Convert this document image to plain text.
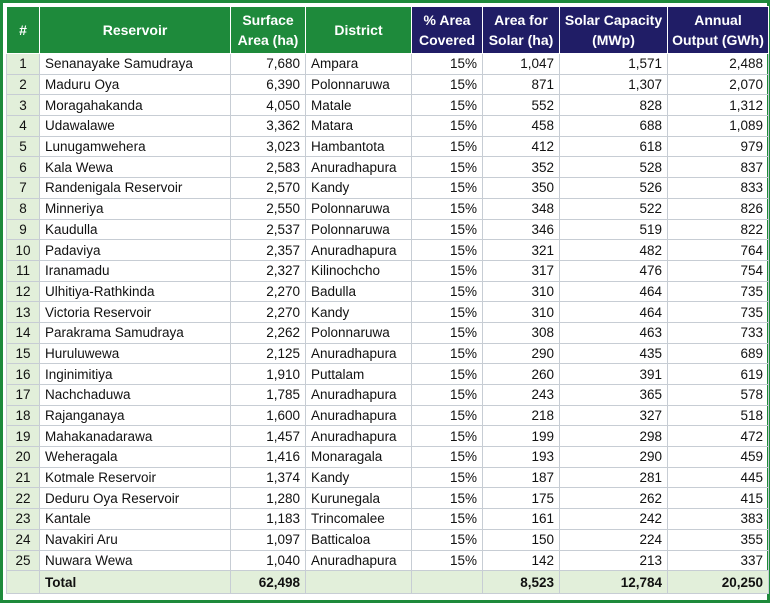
#	Reservoir	Surface Area (ha)	District	% Area Covered	Area for Solar (ha)	Solar Capacity (MWp)	Annual Output (GWh)
1	Senanayake Samudraya	7,680	Ampara	15%	1,047	1,571	2,488
2	Maduru Oya	6,390	Polonnaruwa	15%	871	1,307	2,070
3	Moragahakanda	4,050	Matale	15%	552	828	1,312
4	Udawalawe	3,362	Matara	15%	458	688	1,089
5	Lunugamwehera	3,023	Hambantota	15%	412	618	979
6	Kala Wewa	2,583	Anuradhapura	15%	352	528	837
7	Randenigala Reservoir	2,570	Kandy	15%	350	526	833
8	Minneriya	2,550	Polonnaruwa	15%	348	522	826
9	Kaudulla	2,537	Polonnaruwa	15%	346	519	822
10	Padaviya	2,357	Anuradhapura	15%	321	482	764
11	Iranamadu	2,327	Kilinochcho	15%	317	476	754
12	Ulhitiya-Rathkinda	2,270	Badulla	15%	310	464	735
13	Victoria Reservoir	2,270	Kandy	15%	310	464	735
14	Parakrama Samudraya	2,262	Polonnaruwa	15%	308	463	733
15	Huruluwewa	2,125	Anuradhapura	15%	290	435	689
16	Inginimitiya	1,910	Puttalam	15%	260	391	619
17	Nachchaduwa	1,785	Anuradhapura	15%	243	365	578
18	Rajanganaya	1,600	Anuradhapura	15%	218	327	518
19	Mahakanadarawa	1,457	Anuradhapura	15%	199	298	472
20	Weheragala	1,416	Monaragala	15%	193	290	459
21	Kotmale Reservoir	1,374	Kandy	15%	187	281	445
22	Deduru Oya Reservoir	1,280	Kurunegala	15%	175	262	415
23	Kantale	1,183	Trincomalee	15%	161	242	383
24	Navakiri Aru	1,097	Batticaloa	15%	150	224	355
25	Nuwara Wewa	1,040	Anuradhapura	15%	142	213	337
	Total	62,498			8,523	12,784	20,250
